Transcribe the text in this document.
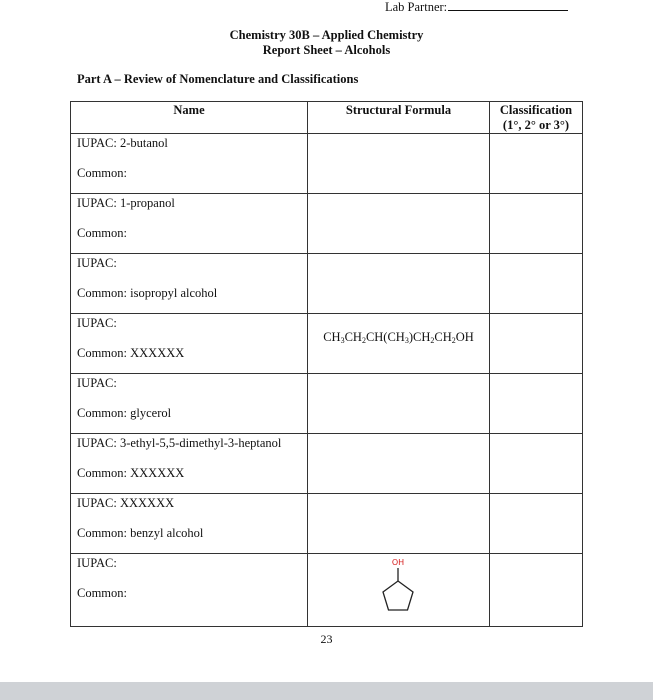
Lab Partner:
Chemistry 30B – Applied Chemistry
Report Sheet – Alcohols
Part A – Review of Nomenclature and Classifications
Name	Structural Formula	Classification
(1°, 2° or 3°)

IUPAC: 2-butanol
Common:		

IUPAC: 1-propanol
Common:		

IUPAC:
Common: isopropyl alcohol		

IUPAC:
Common: XXXXXX	$CH_3CH_2CH(CH_3)CH_2CH_2OH$	

IUPAC:
Common: glycerol		

IUPAC: 3-ethyl-5,5-dimethyl-3-heptanol
Common: XXXXXX		

IUPAC: XXXXXX
Common: benzyl alcohol		

IUPAC:
Common:	OH	

23
